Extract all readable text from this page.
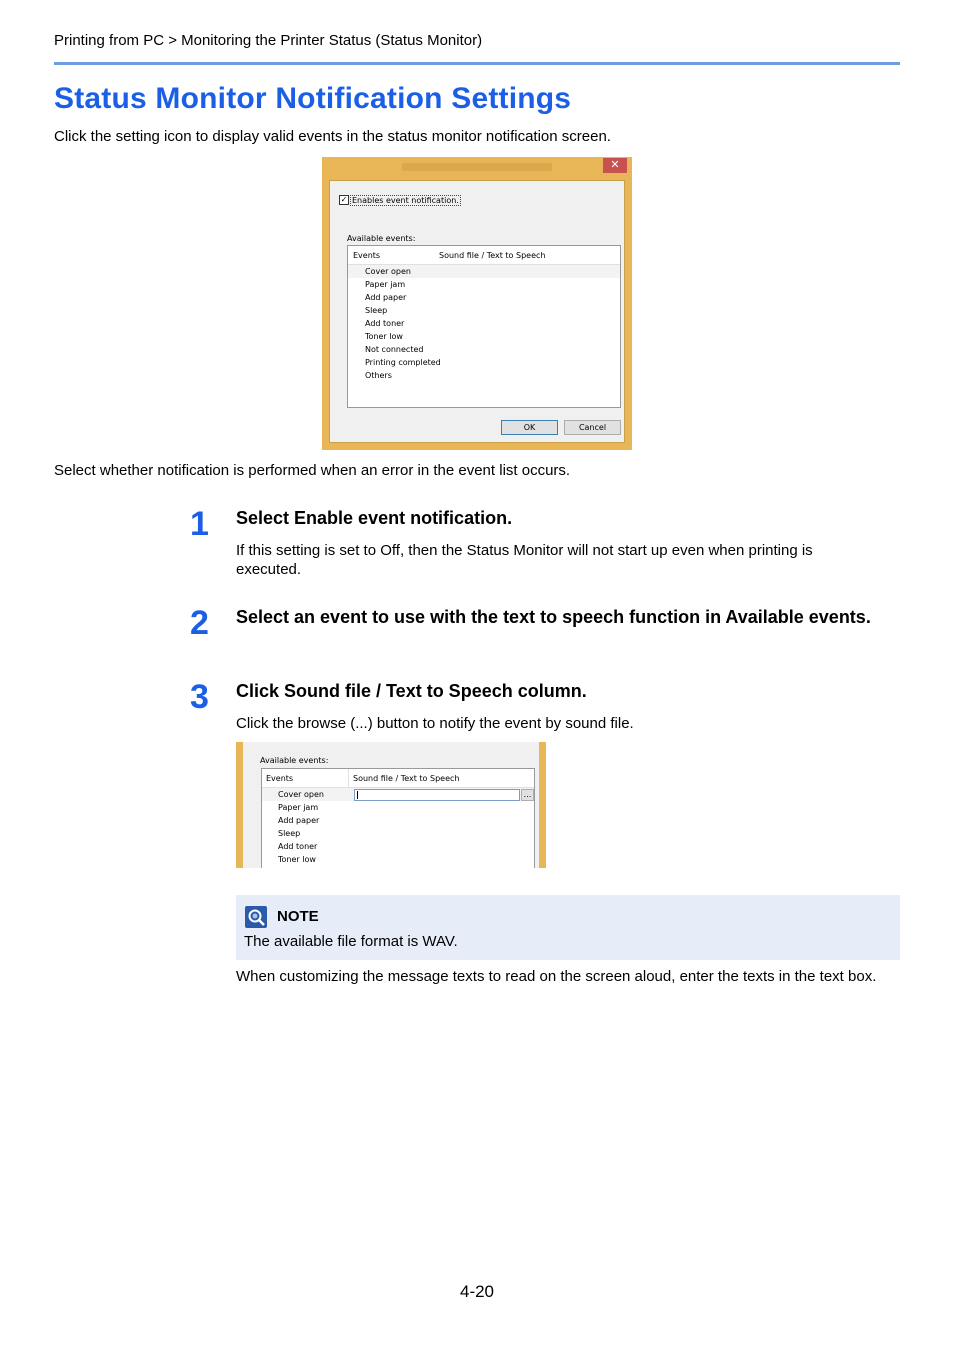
Printing from PC > Monitoring the Printer Status (Status Monitor)
Status Monitor Notification Settings
Click the setting icon to display valid events in the status monitor notification screen.
✕
✓ Enables event notification.
Available events:
Events	Sound file / Text to Speech
Cover open
Paper jam
Add paper
Sleep
Add toner
Toner low
Not connected
Printing completed
Others
OK	Cancel
Select whether notification is performed when an error in the event list occurs.
1 Select Enable event notification.
If this setting is set to Off, then the Status Monitor will not start up even when printing is executed.
2 Select an event to use with the text to speech function in Available events.
3 Click Sound file / Text to Speech column.
Click the browse (...) button to notify the event by sound file.
Available events:
Events	Sound file / Text to Speech
...
Cover open
Paper jam
Add paper
Sleep
Add toner
Toner low
NOTE
The available file format is WAV.
When customizing the message texts to read on the screen aloud, enter the texts in the text box.
4-20
